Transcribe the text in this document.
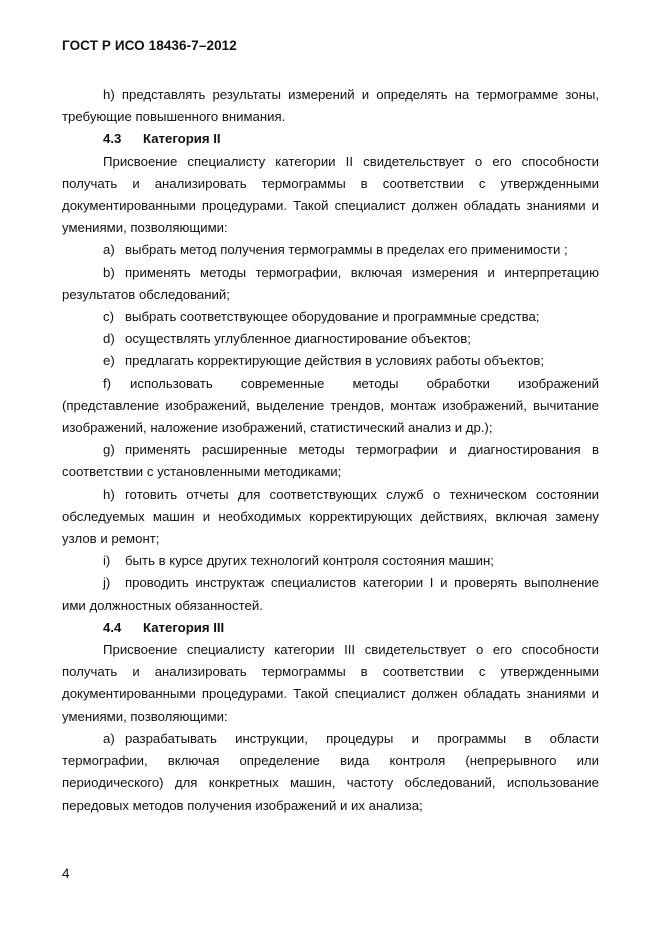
ГОСТ Р ИСО 18436-7–2012

h) представлять результаты измерений и определять на термограмме зоны, требующие повышенного внимания.

4.3 Категория II

Присвоение специалисту категории II свидетельствует о его способности получать и анализировать термограммы в соответствии с утвержденными документированными процедурами. Такой специалист должен обладать знаниями и умениями, позволяющими:

a) выбрать метод получения термограммы в пределах его применимости ;

b) применять методы термографии, включая измерения и интерпретацию результатов обследований;

c) выбрать соответствующее оборудование и программные средства;

d) осуществлять углубленное диагностирование объектов;

e) предлагать корректирующие действия в условиях работы объектов;

f) использовать современные методы обработки изображений (представление изображений, выделение трендов, монтаж изображений, вычитание изображений, наложение изображений, статистический анализ и др.);

g) применять расширенные методы термографии и диагностирования в соответствии с установленными методиками;

h) готовить отчеты для соответствующих служб о техническом состоянии обследуемых машин и необходимых корректирующих действиях, включая замену узлов и ремонт;

i) быть в курсе других технологий контроля состояния машин;

j) проводить инструктаж специалистов категории I и проверять выполнение ими должностных обязанностей.

4.4 Категория III

Присвоение специалисту категории III свидетельствует о его способности получать и анализировать термограммы в соответствии с утвержденными документированными процедурами. Такой специалист должен обладать знаниями и умениями, позволяющими:

a) разрабатывать инструкции, процедуры и программы в области термографии, включая определение вида контроля (непрерывного или периодического) для конкретных машин, частоту обследований, использование передовых методов получения изображений и их анализа;

4
